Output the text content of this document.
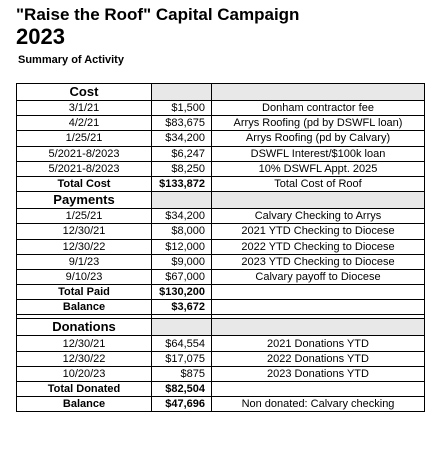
"Raise the Roof" Capital Campaign
2023
Summary of Activity
Cost		
3/1/21	$1,500	Donham contractor fee
4/2/21	$83,675	Arrys Roofing (pd by DSWFL loan)
1/25/21	$34,200	Arrys Roofing (pd by Calvary)
5/2021-8/2023	$6,247	DSWFL Interest/$100k loan
5/2021-8/2023	$8,250	10% DSWFL Appt. 2025
Total Cost	$133,872	Total Cost of Roof
Payments		
1/25/21	$34,200	Calvary Checking to Arrys
12/30/21	$8,000	2021 YTD Checking to Diocese
12/30/22	$12,000	2022 YTD Checking to Diocese
9/1/23	$9,000	2023 YTD Checking to Diocese
9/10/23	$67,000	Calvary payoff to Diocese
Total Paid	$130,200	
Balance	$3,672	

Donations		
12/30/21	$64,554	2021 Donations YTD
12/30/22	$17,075	2022 Donations YTD
10/20/23	$875	2023 Donations YTD
Total Donated	$82,504	
Balance	$47,696	Non donated: Calvary checking
